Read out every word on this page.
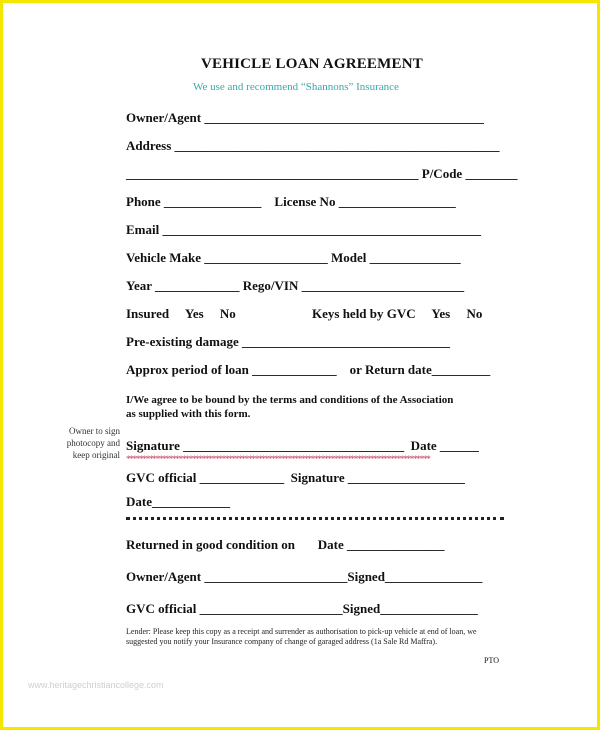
VEHICLE LOAN AGREEMENT
We use and recommend “Shannons” Insurance
Owner/Agent ___________________________________________
Address __________________________________________________
_____________________________________________ P/Code ________
Phone _______________    License No __________________
Email _________________________________________________
Vehicle Make ___________________ Model ______________
Year _____________ Rego/VIN _________________________
Insured     Yes     No	Keys held by GVC     Yes     No
Pre-existing damage ________________________________
Approx period of loan _____________    or Return date_________
I/We agree to be bound by the terms and conditions of the Association
as supplied with this form.
Owner to sign
photocopy and
keep original
Signature __________________________________  Date ______
********************************************************************************************
GVC official _____________  Signature __________________
Date____________
Returned in good condition on       Date _______________
Owner/Agent ______________________Signed_______________
GVC official ______________________Signed_______________
Lender: Please keep this copy as a receipt and surrender as authorisation to pick-up vehicle at end of loan, we suggested you notify your Insurance company of change of garaged address (1a Sale Rd Maffra).
PTO
www.heritagechristiancollege.com
